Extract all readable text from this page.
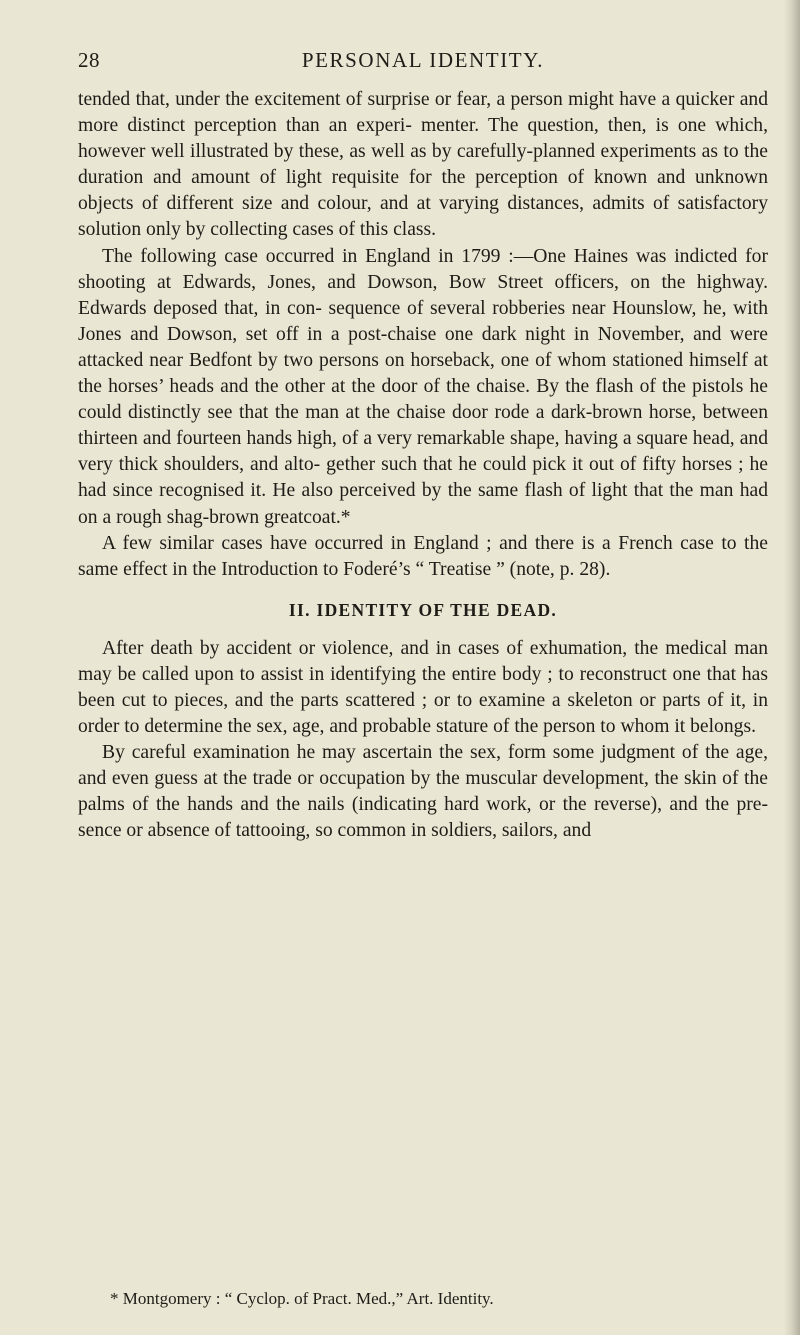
28	PERSONAL IDENTITY.

tended that, under the excitement of surprise or fear, a person might have a quicker and more distinct perception than an experi- menter. The question, then, is one which, however well illustrated by these, as well as by carefully-planned experiments as to the duration and amount of light requisite for the perception of known and unknown objects of different size and colour, and at varying distances, admits of satisfactory solution only by collecting cases of this class.

The following case occurred in England in 1799 :—One Haines was indicted for shooting at Edwards, Jones, and Dowson, Bow Street officers, on the highway. Edwards deposed that, in con- sequence of several robberies near Hounslow, he, with Jones and Dowson, set off in a post-chaise one dark night in November, and were attacked near Bedfont by two persons on horseback, one of whom stationed himself at the horses’ heads and the other at the door of the chaise. By the flash of the pistols he could distinctly see that the man at the chaise door rode a dark-brown horse, between thirteen and fourteen hands high, of a very remarkable shape, having a square head, and very thick shoulders, and alto- gether such that he could pick it out of fifty horses ; he had since recognised it. He also perceived by the same flash of light that the man had on a rough shag-brown greatcoat.*

A few similar cases have occurred in England ; and there is a French case to the same effect in the Introduction to Foderé’s “ Treatise ” (note, p. 28).

II. IDENTITY OF THE DEAD.

After death by accident or violence, and in cases of exhumation, the medical man may be called upon to assist in identifying the entire body ; to reconstruct one that has been cut to pieces, and the parts scattered ; or to examine a skeleton or parts of it, in order to determine the sex, age, and probable stature of the person to whom it belongs.

By careful examination he may ascertain the sex, form some judgment of the age, and even guess at the trade or occupation by the muscular development, the skin of the palms of the hands and the nails (indicating hard work, or the reverse), and the pre- sence or absence of tattooing, so common in soldiers, sailors, and

* Montgomery : “ Cyclop. of Pract. Med.,” Art. Identity.
